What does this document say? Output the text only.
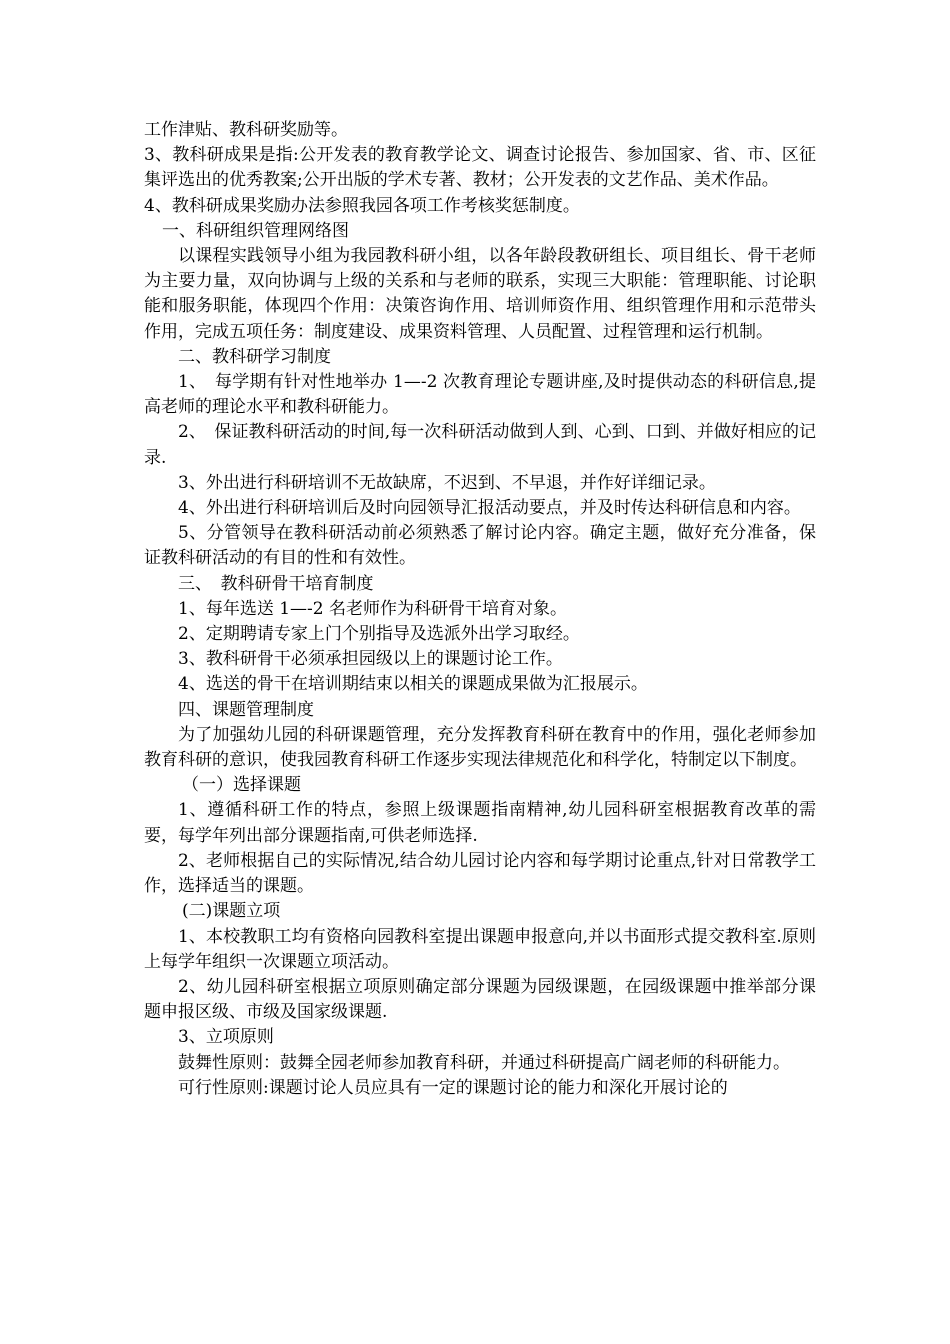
工作津贴、教科研奖励等。

3、教科研成果是指:公开发表的教育教学论文、调查讨论报告、参加国家、省、市、区征集评选出的优秀教案;公开出版的学术专著、教材；公开发表的文艺作品、美术作品。

4、教科研成果奖励办法参照我园各项工作考核奖惩制度。

一、科研组织管理网络图

以课程实践领导小组为我园教科研小组，以各年龄段教研组长、项目组长、骨干老师为主要力量，双向协调与上级的关系和与老师的联系，实现三大职能：管理职能、讨论职能和服务职能，体现四个作用：决策咨询作用、培训师资作用、组织管理作用和示范带头作用，完成五项任务：制度建设、成果资料管理、人员配置、过程管理和运行机制。

二、教科研学习制度

1、　每学期有针对性地举办 1—-2 次教育理论专题讲座,及时提供动态的科研信息,提高老师的理论水平和教科研能力。

2、　保证教科研活动的时间,每一次科研活动做到人到、心到、口到、并做好相应的记录.

3、外出进行科研培训不无故缺席，不迟到、不早退，并作好详细记录。

4、外出进行科研培训后及时向园领导汇报活动要点，并及时传达科研信息和内容。

5、分管领导在教科研活动前必须熟悉了解讨论内容。确定主题，做好充分准备，保证教科研活动的有目的性和有效性。

三、　教科研骨干培育制度

1、每年选送 1—-2 名老师作为科研骨干培育对象。

2、定期聘请专家上门个别指导及选派外出学习取经。

3、教科研骨干必须承担园级以上的课题讨论工作。

4、选送的骨干在培训期结束以相关的课题成果做为汇报展示。

四、课题管理制度

为了加强幼儿园的科研课题管理，充分发挥教育科研在教育中的作用，强化老师参加教育科研的意识，使我园教育科研工作逐步实现法律规范化和科学化，特制定以下制度。

（一）选择课题

1、遵循科研工作的特点，参照上级课题指南精神,幼儿园科研室根据教育改革的需要，每学年列出部分课题指南,可供老师选择.

2、老师根据自己的实际情况,结合幼儿园讨论内容和每学期讨论重点,针对日常教学工作，选择适当的课题。

(二)课题立项

1、本校教职工均有资格向园教科室提出课题申报意向,并以书面形式提交教科室.原则上每学年组织一次课题立项活动。

2、幼儿园科研室根据立项原则确定部分课题为园级课题，在园级课题中推举部分课题申报区级、市级及国家级课题.

3、立项原则

鼓舞性原则：鼓舞全园老师参加教育科研，并通过科研提高广阔老师的科研能力。

可行性原则:课题讨论人员应具有一定的课题讨论的能力和深化开展讨论的
